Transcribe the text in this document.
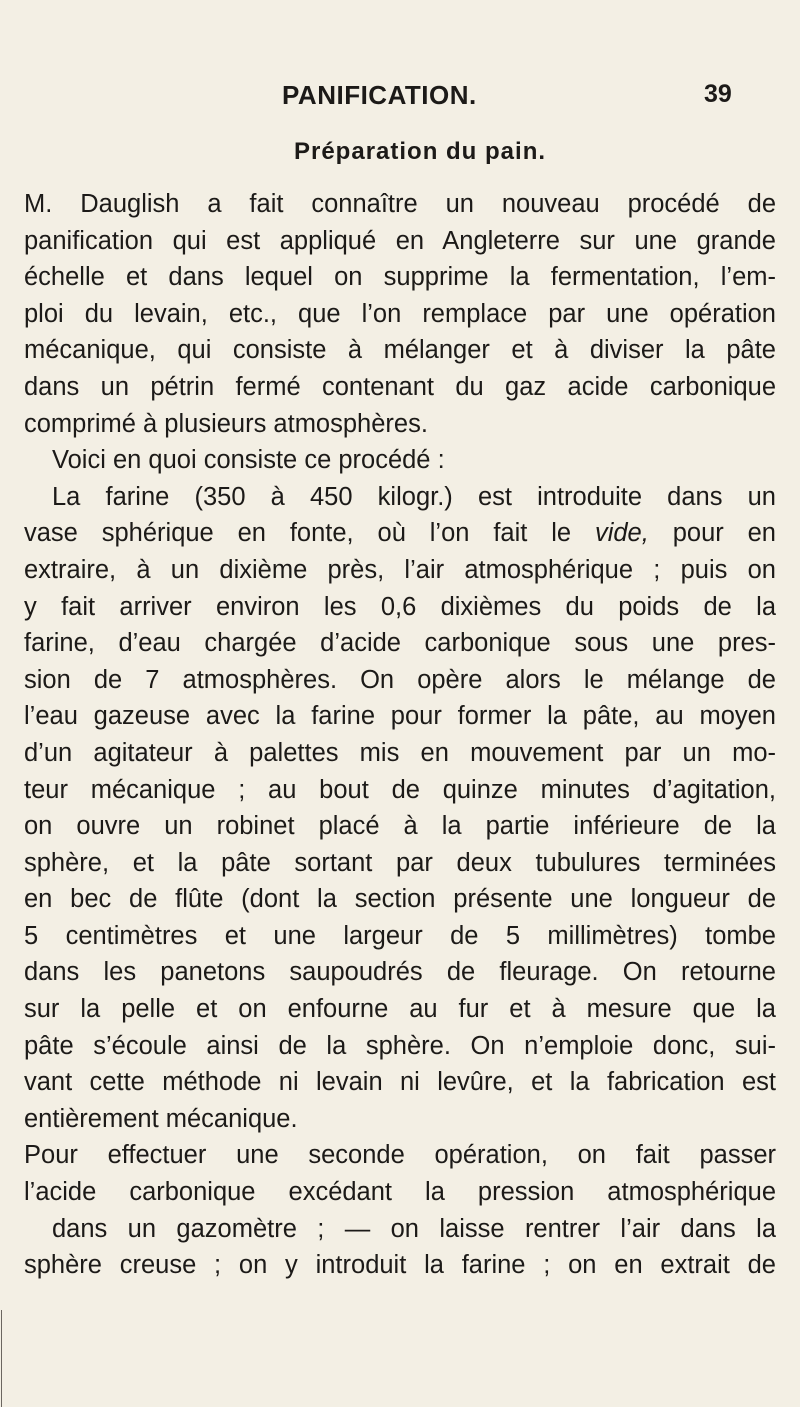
PANIFICATION.	39
Préparation du pain.
M. Dauglish a fait connaître un nouveau procédé de
panification qui est appliqué en Angleterre sur une grande
échelle et dans lequel on supprime la fermentation, l’em-
ploi du levain, etc., que l’on remplace par une opération
mécanique, qui consiste à mélanger et à diviser la pâte
dans un pétrin fermé contenant du gaz acide carbonique
comprimé à plusieurs atmosphères.
Voici en quoi consiste ce procédé :
La farine (350 à 450 kilogr.) est introduite dans un
vase sphérique en fonte, où l’on fait le vide, pour en
extraire, à un dixième près, l’air atmosphérique ; puis on
y fait arriver environ les 0,6 dixièmes du poids de la
farine, d’eau chargée d’acide carbonique sous une pres-
sion de 7 atmosphères. On opère alors le mélange de
l’eau gazeuse avec la farine pour former la pâte, au moyen
d’un agitateur à palettes mis en mouvement par un mo-
teur mécanique ; au bout de quinze minutes d’agitation,
on ouvre un robinet placé à la partie inférieure de la
sphère, et la pâte sortant par deux tubulures terminées
en bec de flûte (dont la section présente une longueur de
5 centimètres et une largeur de 5 millimètres) tombe
dans les panetons saupoudrés de fleurage. On retourne
sur la pelle et on enfourne au fur et à mesure que la
pâte s’écoule ainsi de la sphère. On n’emploie donc, sui-
vant cette méthode ni levain ni levûre, et la fabrication est
entièrement mécanique.
Pour effectuer une seconde opération, on fait passer
l’acide carbonique excédant la pression atmosphérique
dans un gazomètre ; — on laisse rentrer l’air dans la
sphère creuse ; on y introduit la farine ; on en extrait de
